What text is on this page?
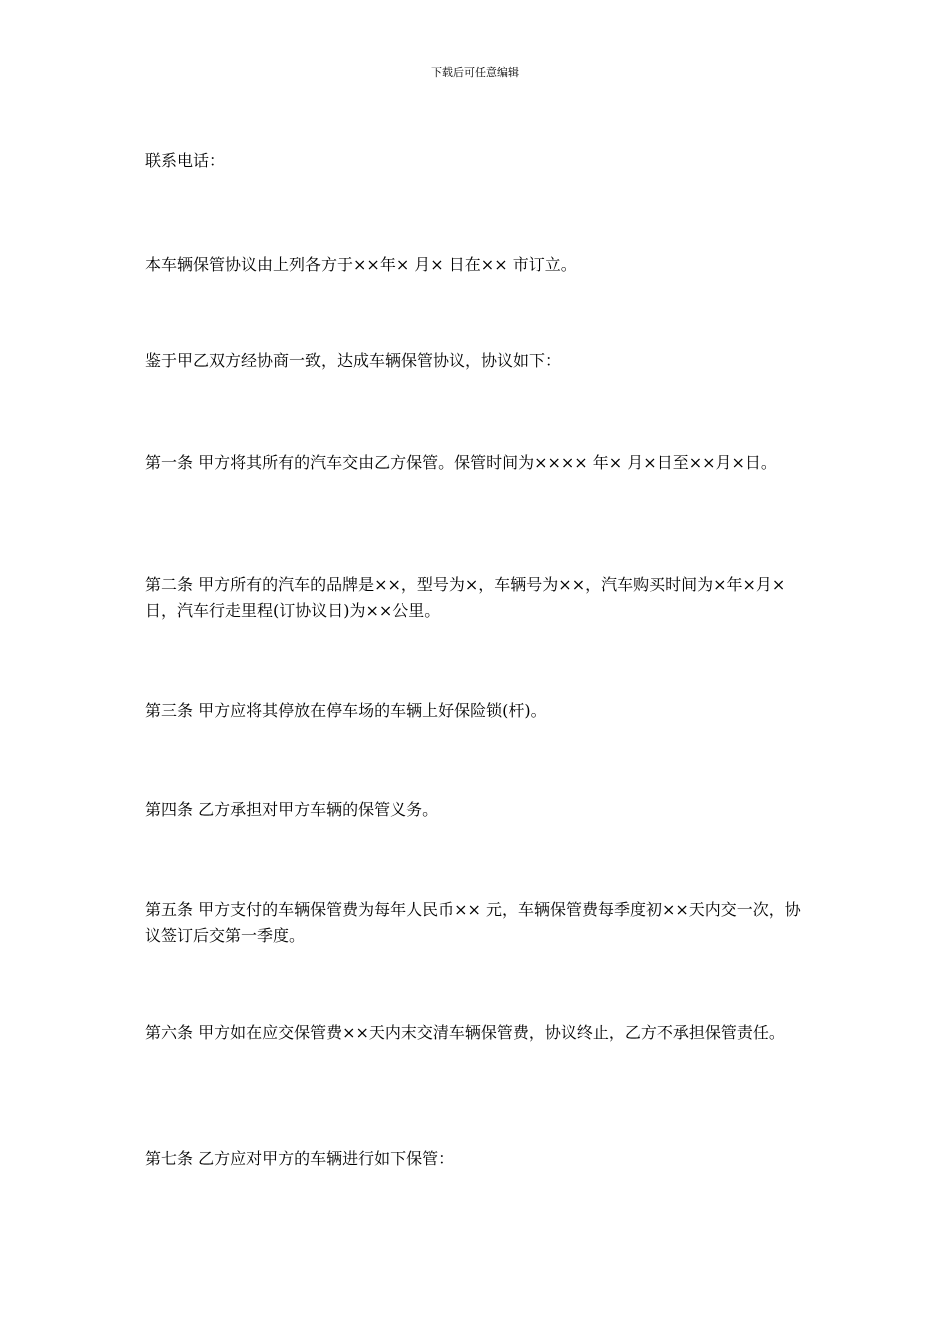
下载后可任意编辑

联系电话：

本车辆保管协议由上列各方于××年× 月× 日在×× 市订立。

鉴于甲乙双方经协商一致，达成车辆保管协议，协议如下：

第一条 甲方将其所有的汽车交由乙方保管。保管时间为×××× 年× 月×日至××月×日。

第二条 甲方所有的汽车的品牌是××，型号为×，车辆号为××，汽车购买时间为×年×月×日，汽车行走里程(订协议日)为××公里。

第三条 甲方应将其停放在停车场的车辆上好保险锁(杆)。

第四条 乙方承担对甲方车辆的保管义务。

第五条 甲方支付的车辆保管费为每年人民币×× 元，车辆保管费每季度初××天内交一次，协议签订后交第一季度。

第六条 甲方如在应交保管费××天内末交清车辆保管费，协议终止，乙方不承担保管责任。

第七条 乙方应对甲方的车辆进行如下保管：
